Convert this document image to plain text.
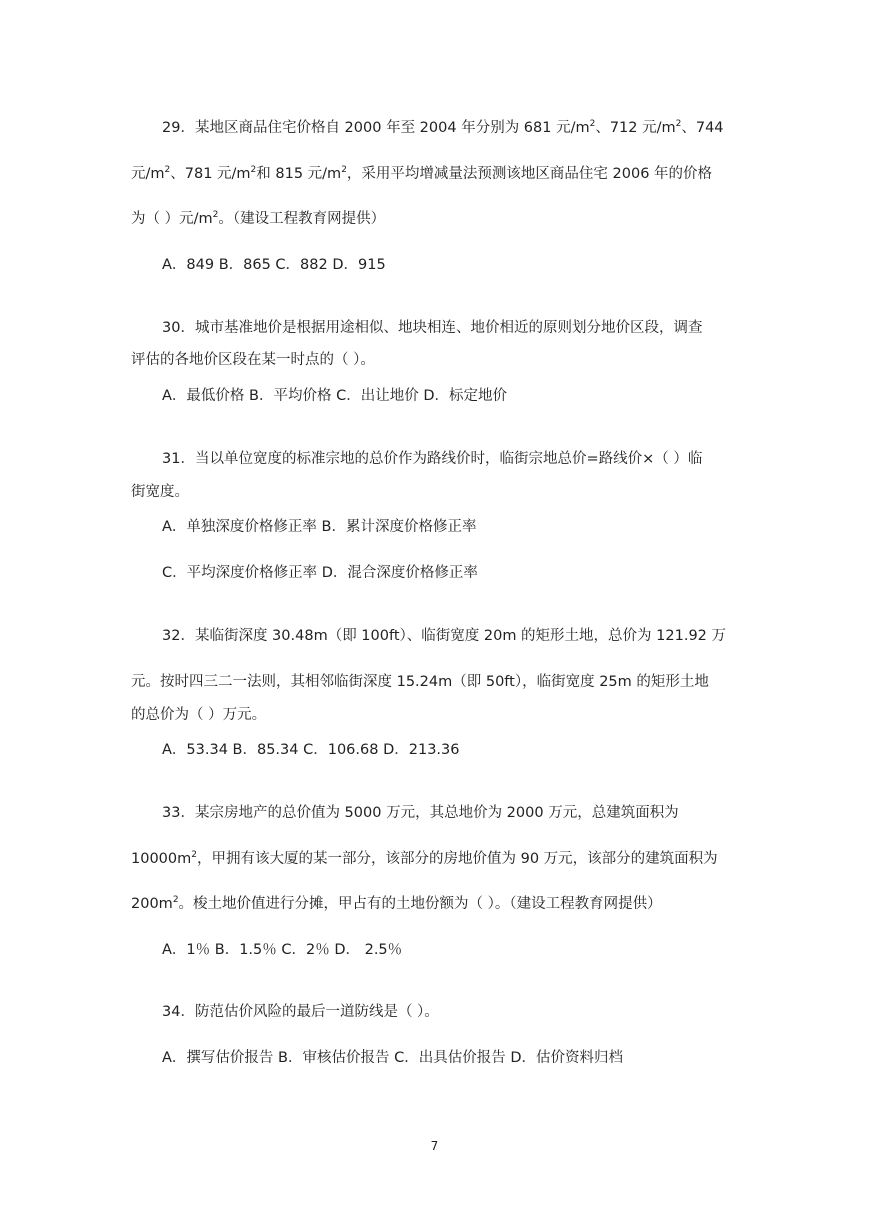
29．某地区商品住宅价格自 2000 年至 2004 年分别为 681 元$/m^2$、712 元$/m^2$、744
元$/m^2$、781 元$/m^2$和 815 元$/m^2$，采用平均增减量法预测该地区商品住宅 2006 年的价格
为（ ）元$/m^2$。（建设工程教育网提供）
A．849 B．865 C．882 D．915
30．城市基准地价是根据用途相似、地块相连、地价相近的原则划分地价区段，调查
评估的各地价区段在某一时点的（ ）。
A．最低价格 B．平均价格 C．出让地价 D．标定地价
31．当以单位宽度的标准宗地的总价作为路线价时，临街宗地总价=路线价×（ ）临
街宽度。
A．单独深度价格修正率 B．累计深度价格修正率
C．平均深度价格修正率 D．混合深度价格修正率
32．某临街深度 30.48m（即 100ft）、临街宽度 20m 的矩形土地，总价为 121.92 万
元。按时四三二一法则，其相邻临街深度 15.24m（即 50ft），临街宽度 25m 的矩形土地
的总价为（ ）万元。
A．53.34 B．85.34 C．106.68 D．213.36
33．某宗房地产的总价值为 5000 万元，其总地价为 2000 万元，总建筑面积为
$10000m^2$，甲拥有该大厦的某一部分，该部分的房地价值为 90 万元，该部分的建筑面积为
$200m^2$。梭土地价值进行分摊，甲占有的土地份额为（ ）。（建设工程教育网提供）
A．1％ B．1.5％ C．2％ D． 2.5％
34．防范估价风险的最后一道防线是（ ）。
A．撰写估价报告 B．审核估价报告 C．出具估价报告 D．估价资料归档
7
